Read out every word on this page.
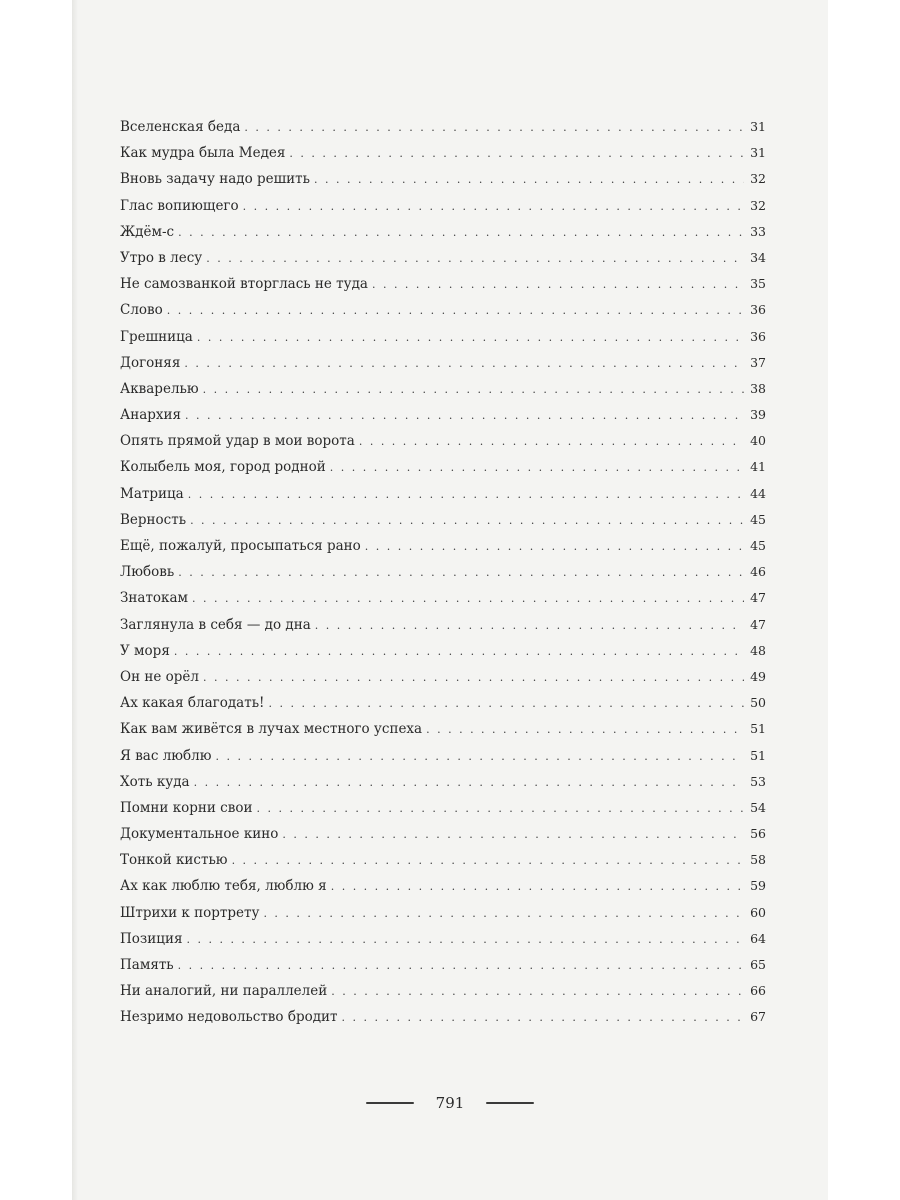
Вселенская беда . . .	31
Как мудра была Медея . . .	31
Вновь задачу надо решить . . .	32
Глас вопиющего . . .	32
Ждём-с . . .	33
Утро в лесу . . .	34
Не самозванкой вторглась не туда . . .	35
Слово . . .	36
Грешница . . .	36
Догоняя . . .	37
Акварелью . . .	38
Анархия . . .	39
Опять прямой удар в мои ворота . . .	40
Колыбель моя, город родной . . .	41
Матрица . . .	44
Верность . . .	45
Ещё, пожалуй, просыпаться рано . . .	45
Любовь . . .	46
Знатокам . . .	47
Заглянула в себя — до дна . . .	47
У моря . . .	48
Он не орёл . . .	49
Ах какая благодать! . . .	50
Как вам живётся в лучах местного успеха . . .	51
Я вас люблю . . .	51
Хоть куда . . .	53
Помни корни свои . . .	54
Документальное кино . . .	56
Тонкой кистью . . .	58
Ах как люблю тебя, люблю я . . .	59
Штрихи к портрету . . .	60
Позиция . . .	64
Память . . .	65
Ни аналогий, ни параллелей . . .	66
Незримо недовольство бродит . . .	67
791
